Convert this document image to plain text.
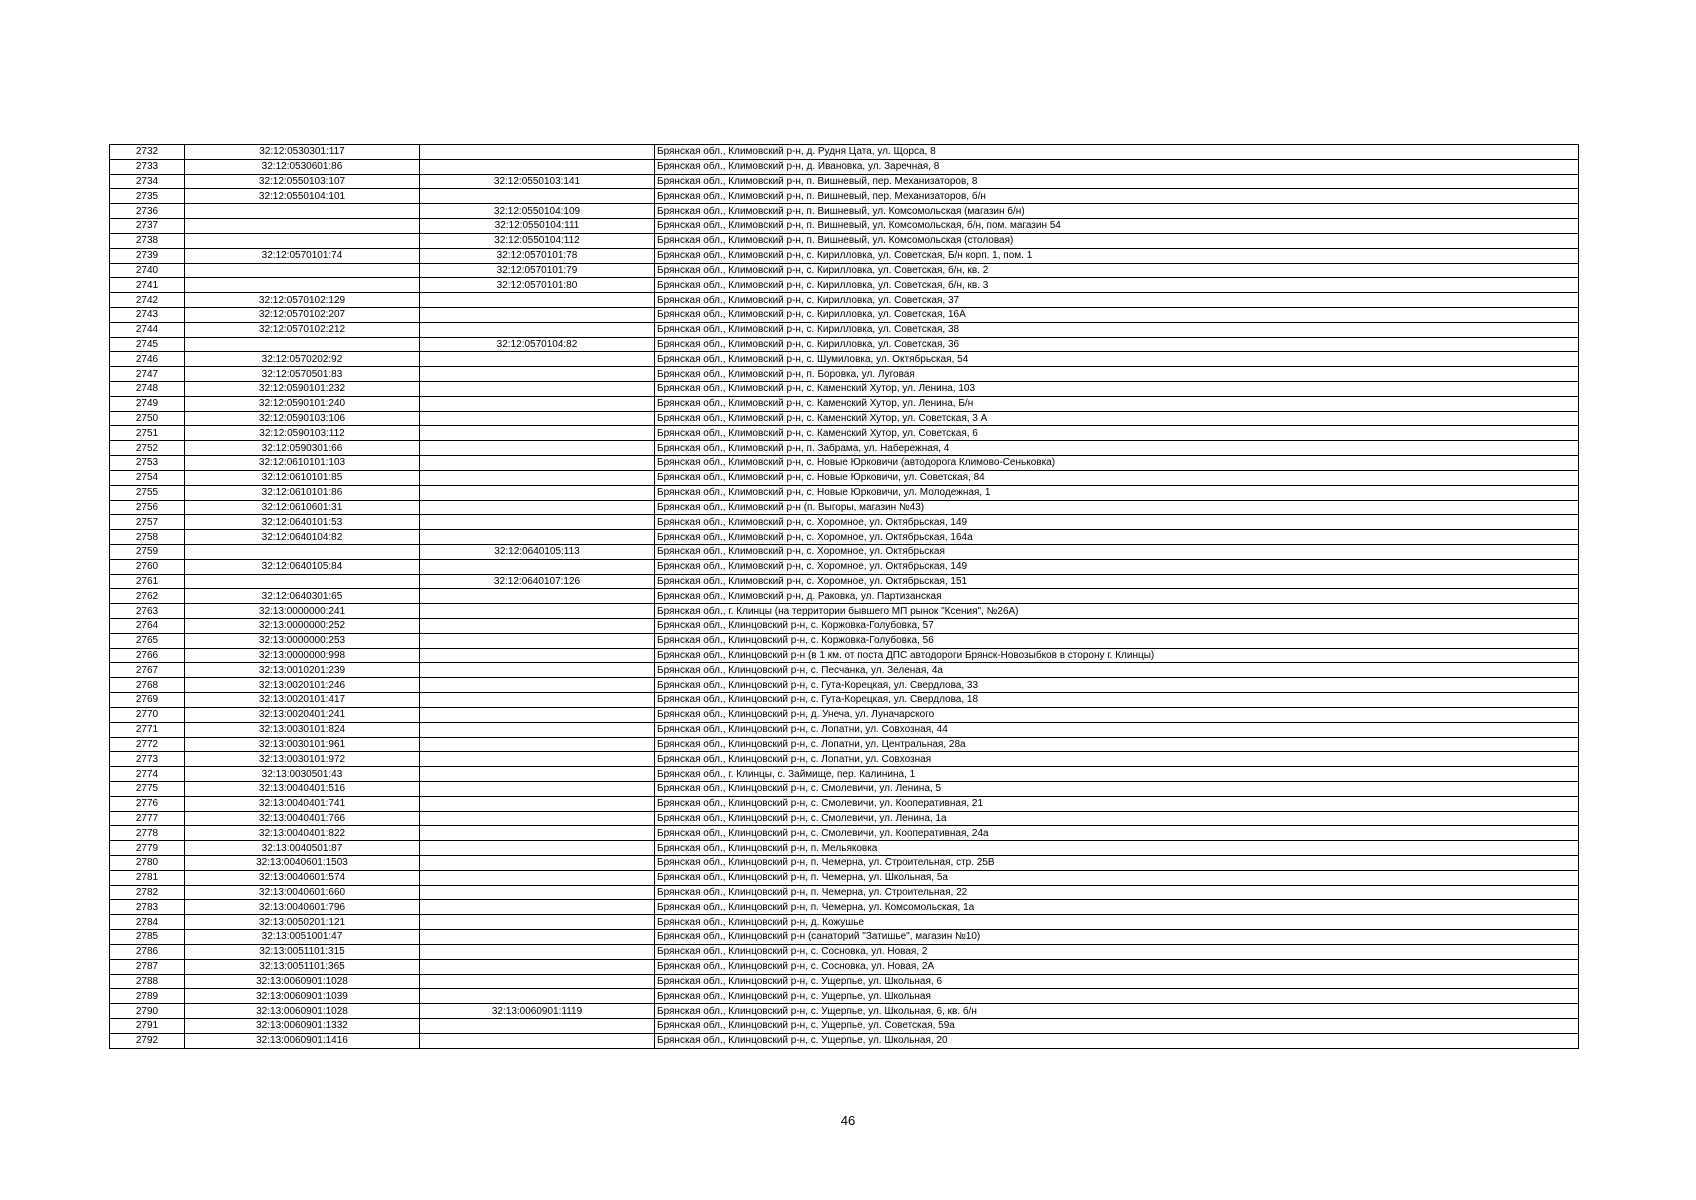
2732	32:12:0530301:117		Брянская обл., Климовский р-н, д. Рудня Цата, ул. Щорса, 8
2733	32:12:0530601:86		Брянская обл., Климовский р-н, д. Ивановка, ул. Заречная, 8
2734	32:12:0550103:107	32:12:0550103:141	Брянская обл., Климовский р-н, п. Вишневый, пер. Механизаторов, 8
2735	32:12:0550104:101		Брянская обл., Климовский р-н, п. Вишневый, пер. Механизаторов, б/н
2736		32:12:0550104:109	Брянская обл., Климовский р-н, п. Вишневый, ул. Комсомольская (магазин б/н)
2737		32:12:0550104:111	Брянская обл., Климовский р-н, п. Вишневый, ул. Комсомольская, б/н, пом. магазин 54
2738		32:12:0550104:112	Брянская обл., Климовский р-н, п. Вишневый, ул. Комсомольская (столовая)
2739	32:12:0570101:74	32:12:0570101:78	Брянская обл., Климовский р-н, с. Кирилловка, ул. Советская, Б/н корп. 1, пом. 1
2740		32:12:0570101:79	Брянская обл., Климовский р-н, с. Кирилловка, ул. Советская, б/н, кв. 2
2741		32:12:0570101:80	Брянская обл., Климовский р-н, с. Кирилловка, ул. Советская, б/н, кв. 3
2742	32:12:0570102:129		Брянская обл., Климовский р-н, с. Кирилловка, ул. Советская, 37
2743	32:12:0570102:207		Брянская обл., Климовский р-н, с. Кирилловка, ул. Советская, 16А
2744	32:12:0570102:212		Брянская обл., Климовский р-н, с. Кирилловка, ул. Советская, 38
2745		32:12:0570104:82	Брянская обл., Климовский р-н, с. Кирилловка, ул. Советская, 36
2746	32:12:0570202:92		Брянская обл., Климовский р-н, с. Шумиловка, ул. Октябрьская, 54
2747	32:12:0570501:83		Брянская обл., Климовский р-н, п. Боровка, ул. Луговая
2748	32:12:0590101:232		Брянская обл., Климовский р-н, с. Каменский Хутор, ул. Ленина, 103
2749	32:12:0590101:240		Брянская обл., Климовский р-н, с. Каменский Хутор, ул. Ленина, Б/н
2750	32:12:0590103:106		Брянская обл., Климовский р-н, с. Каменский Хутор, ул. Советская, 3 А
2751	32:12:0590103:112		Брянская обл., Климовский р-н, с. Каменский Хутор, ул. Советская, 6
2752	32:12:0590301:66		Брянская обл., Климовский р-н, п. Забрама, ул. Набережная, 4
2753	32:12:0610101:103		Брянская обл., Климовский р-н, с. Новые Юрковичи (автодорога Климово-Сеньковка)
2754	32:12:0610101:85		Брянская обл., Климовский р-н, с. Новые Юрковичи, ул. Советская, 84
2755	32:12:0610101:86		Брянская обл., Климовский р-н, с. Новые Юрковичи, ул. Молодежная, 1
2756	32:12:0610601:31		Брянская обл., Климовский р-н (п. Выгоры, магазин №43)
2757	32:12:0640101:53		Брянская обл., Климовский р-н, с. Хоромное, ул. Октябрьская, 149
2758	32:12:0640104:82		Брянская обл., Климовский р-н, с. Хоромное, ул. Октябрьская, 164а
2759		32:12:0640105:113	Брянская обл., Климовский р-н, с. Хоромное, ул. Октябрьская
2760	32:12:0640105:84		Брянская обл., Климовский р-н, с. Хоромное, ул. Октябрьская, 149
2761		32:12:0640107:126	Брянская обл., Климовский р-н, с. Хоромное, ул. Октябрьская, 151
2762	32:12:0640301:65		Брянская обл., Климовский р-н, д. Раковка, ул. Партизанская
2763	32:13:0000000:241		Брянская обл., г. Клинцы (на территории бывшего МП рынок "Ксения", №26А)
2764	32:13:0000000:252		Брянская обл., Клинцовский р-н, с. Коржовка-Голубовка, 57
2765	32:13:0000000:253		Брянская обл., Клинцовский р-н, с. Коржовка-Голубовка, 56
2766	32:13:0000000:998		Брянская обл., Клинцовский р-н (в 1 км. от поста ДПС автодороги Брянск-Новозыбков в сторону г. Клинцы)
2767	32:13:0010201:239		Брянская обл., Клинцовский р-н, с. Песчанка, ул. Зеленая, 4а
2768	32:13:0020101:246		Брянская обл., Клинцовский р-н, с. Гута-Корецкая, ул. Свердлова, 33
2769	32:13:0020101:417		Брянская обл., Клинцовский р-н, с. Гута-Корецкая, ул. Свердлова, 18
2770	32:13:0020401:241		Брянская обл., Клинцовский р-н, д. Унеча, ул. Луначарского
2771	32:13:0030101:824		Брянская обл., Клинцовский р-н, с. Лопатни, ул. Совхозная, 44
2772	32:13:0030101:961		Брянская обл., Клинцовский р-н, с. Лопатни, ул. Центральная, 28а
2773	32:13:0030101:972		Брянская обл., Клинцовский р-н, с. Лопатни, ул. Совхозная
2774	32:13:0030501:43		Брянская обл., г. Клинцы, с. Займище, пер. Калинина, 1
2775	32:13:0040401:516		Брянская обл., Клинцовский р-н, с. Смолевичи, ул. Ленина, 5
2776	32:13:0040401:741		Брянская обл., Клинцовский р-н, с. Смолевичи, ул. Кооперативная, 21
2777	32:13:0040401:766		Брянская обл., Клинцовский р-н, с. Смолевичи, ул. Ленина, 1а
2778	32:13:0040401:822		Брянская обл., Клинцовский р-н, с. Смолевичи, ул. Кооперативная, 24а
2779	32:13:0040501:87		Брянская обл., Клинцовский р-н, п. Мельяковка
2780	32:13:0040601:1503		Брянская обл., Клинцовский р-н, п. Чемерна, ул. Строительная, стр. 25В
2781	32:13:0040601:574		Брянская обл., Клинцовский р-н, п. Чемерна, ул. Школьная, 5а
2782	32:13:0040601:660		Брянская обл., Клинцовский р-н, п. Чемерна, ул. Строительная, 22
2783	32:13:0040601:796		Брянская обл., Клинцовский р-н, п. Чемерна, ул. Комсомольская, 1а
2784	32:13:0050201:121		Брянская обл., Клинцовский р-н, д. Кожушье
2785	32:13:0051001:47		Брянская обл., Клинцовский р-н (санаторий "Затишье", магазин №10)
2786	32:13:0051101:315		Брянская обл., Клинцовский р-н, с. Сосновка, ул. Новая, 2
2787	32:13:0051101:365		Брянская обл., Клинцовский р-н, с. Сосновка, ул. Новая, 2А
2788	32:13:0060901:1028		Брянская обл., Клинцовский р-н, с. Ущерпье, ул. Школьная, 6
2789	32:13:0060901:1039		Брянская обл., Клинцовский р-н, с. Ущерпье, ул. Школьная
2790	32:13:0060901:1028	32:13:0060901:1119	Брянская обл., Клинцовский р-н, с. Ущерпье, ул. Школьная, 6, кв. б/н
2791	32:13:0060901:1332		Брянская обл., Клинцовский р-н, с. Ущерпье, ул. Советская, 59а
2792	32:13:0060901:1416		Брянская обл., Клинцовский р-н, с. Ущерпье, ул. Школьная, 20
46
